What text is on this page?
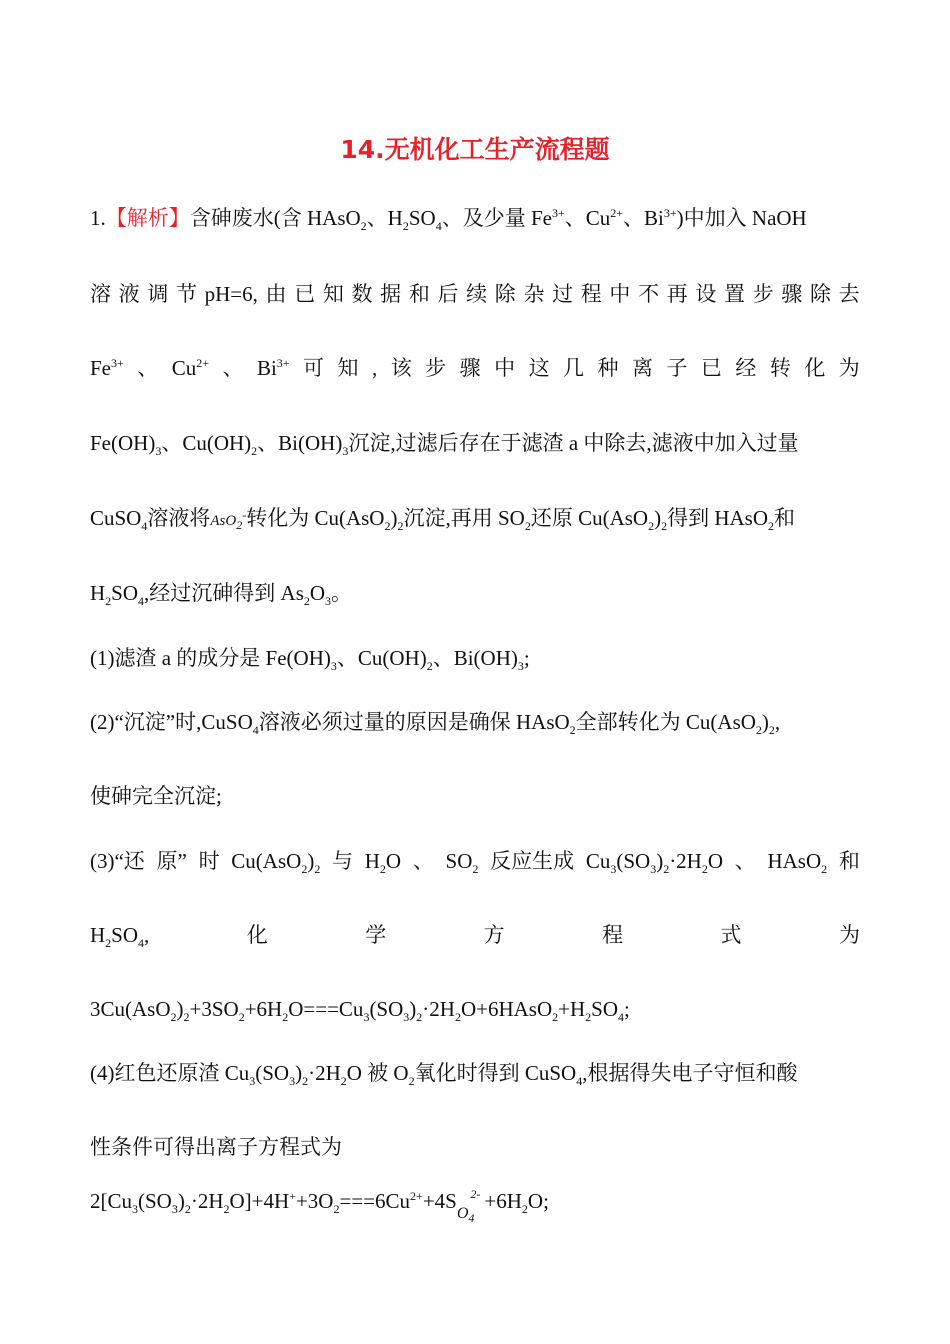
14.无机化工生产流程题
1.【解析】含砷废水(含 HAsO$_2$、$H_2SO_4$、及少量 $Fe^{3+}$、$Cu^{2+}$、$Bi^{3+}$)中加入 NaOH
溶 液 调 节 pH=6, 由 已 知 数 据 和 后 续 除 杂 过 程 中 不 再 设 置 步 骤 除 去
$Fe^{3+}$ 、 $Cu^{2+}$ 、 $Bi^{3+}$ 可 知 , 该 步 骤 中 这 几 种 离 子 已 经 转 化 为
$Fe(OH)_3$、$Cu(OH)_2$、$Bi(OH)_3$沉淀,过滤后存在于滤渣 a 中除去,滤液中加入过量
CuSO$_4$溶液将AsO$_2$-转化为 $Cu(AsO_2)_2$沉淀,再用 $SO_2$还原 $Cu(AsO_2)_2$得到 HAsO$_2$和
$H_2SO_4$,经过沉砷得到 $As_2O_3$。
(1)滤渣 a 的成分是 $Fe(OH)_3$、$Cu(OH)_2$、$Bi(OH)_3$;
(2)“沉淀”时,CuSO$_4$溶液必须过量的原因是确保 HAsO$_2$全部转化为 $Cu(AsO_2)_2$,
使砷完全沉淀;
(3)“还 原” 时 $Cu(AsO_2)_2$ 与 $H_2O$ 、 $SO_2$ 反应生成 $Cu_3(SO_3)_2\cdot 2H_2O$ 、 HAsO$_2$ 和
$H_2SO_4$,	化	学	方	程	式	为
$3Cu(AsO_2)_2+3SO_2+6H_2O===Cu_3(SO_3)_2\cdot 2H_2O+6HAsO_2+H_2SO_4$;
(4)红色还原渣 $Cu_3(SO_3)_2\cdot 2H_2O$ 被 $O_2$氧化时得到 CuSO$_4$,根据得失电子守恒和酸
性条件可得出离子方程式为
$2[Cu_3(SO_3)_2\cdot 2H_2O]+4H^++3O_2===6Cu^{2+}+4SO_4^{2-} +6H_2O$;
